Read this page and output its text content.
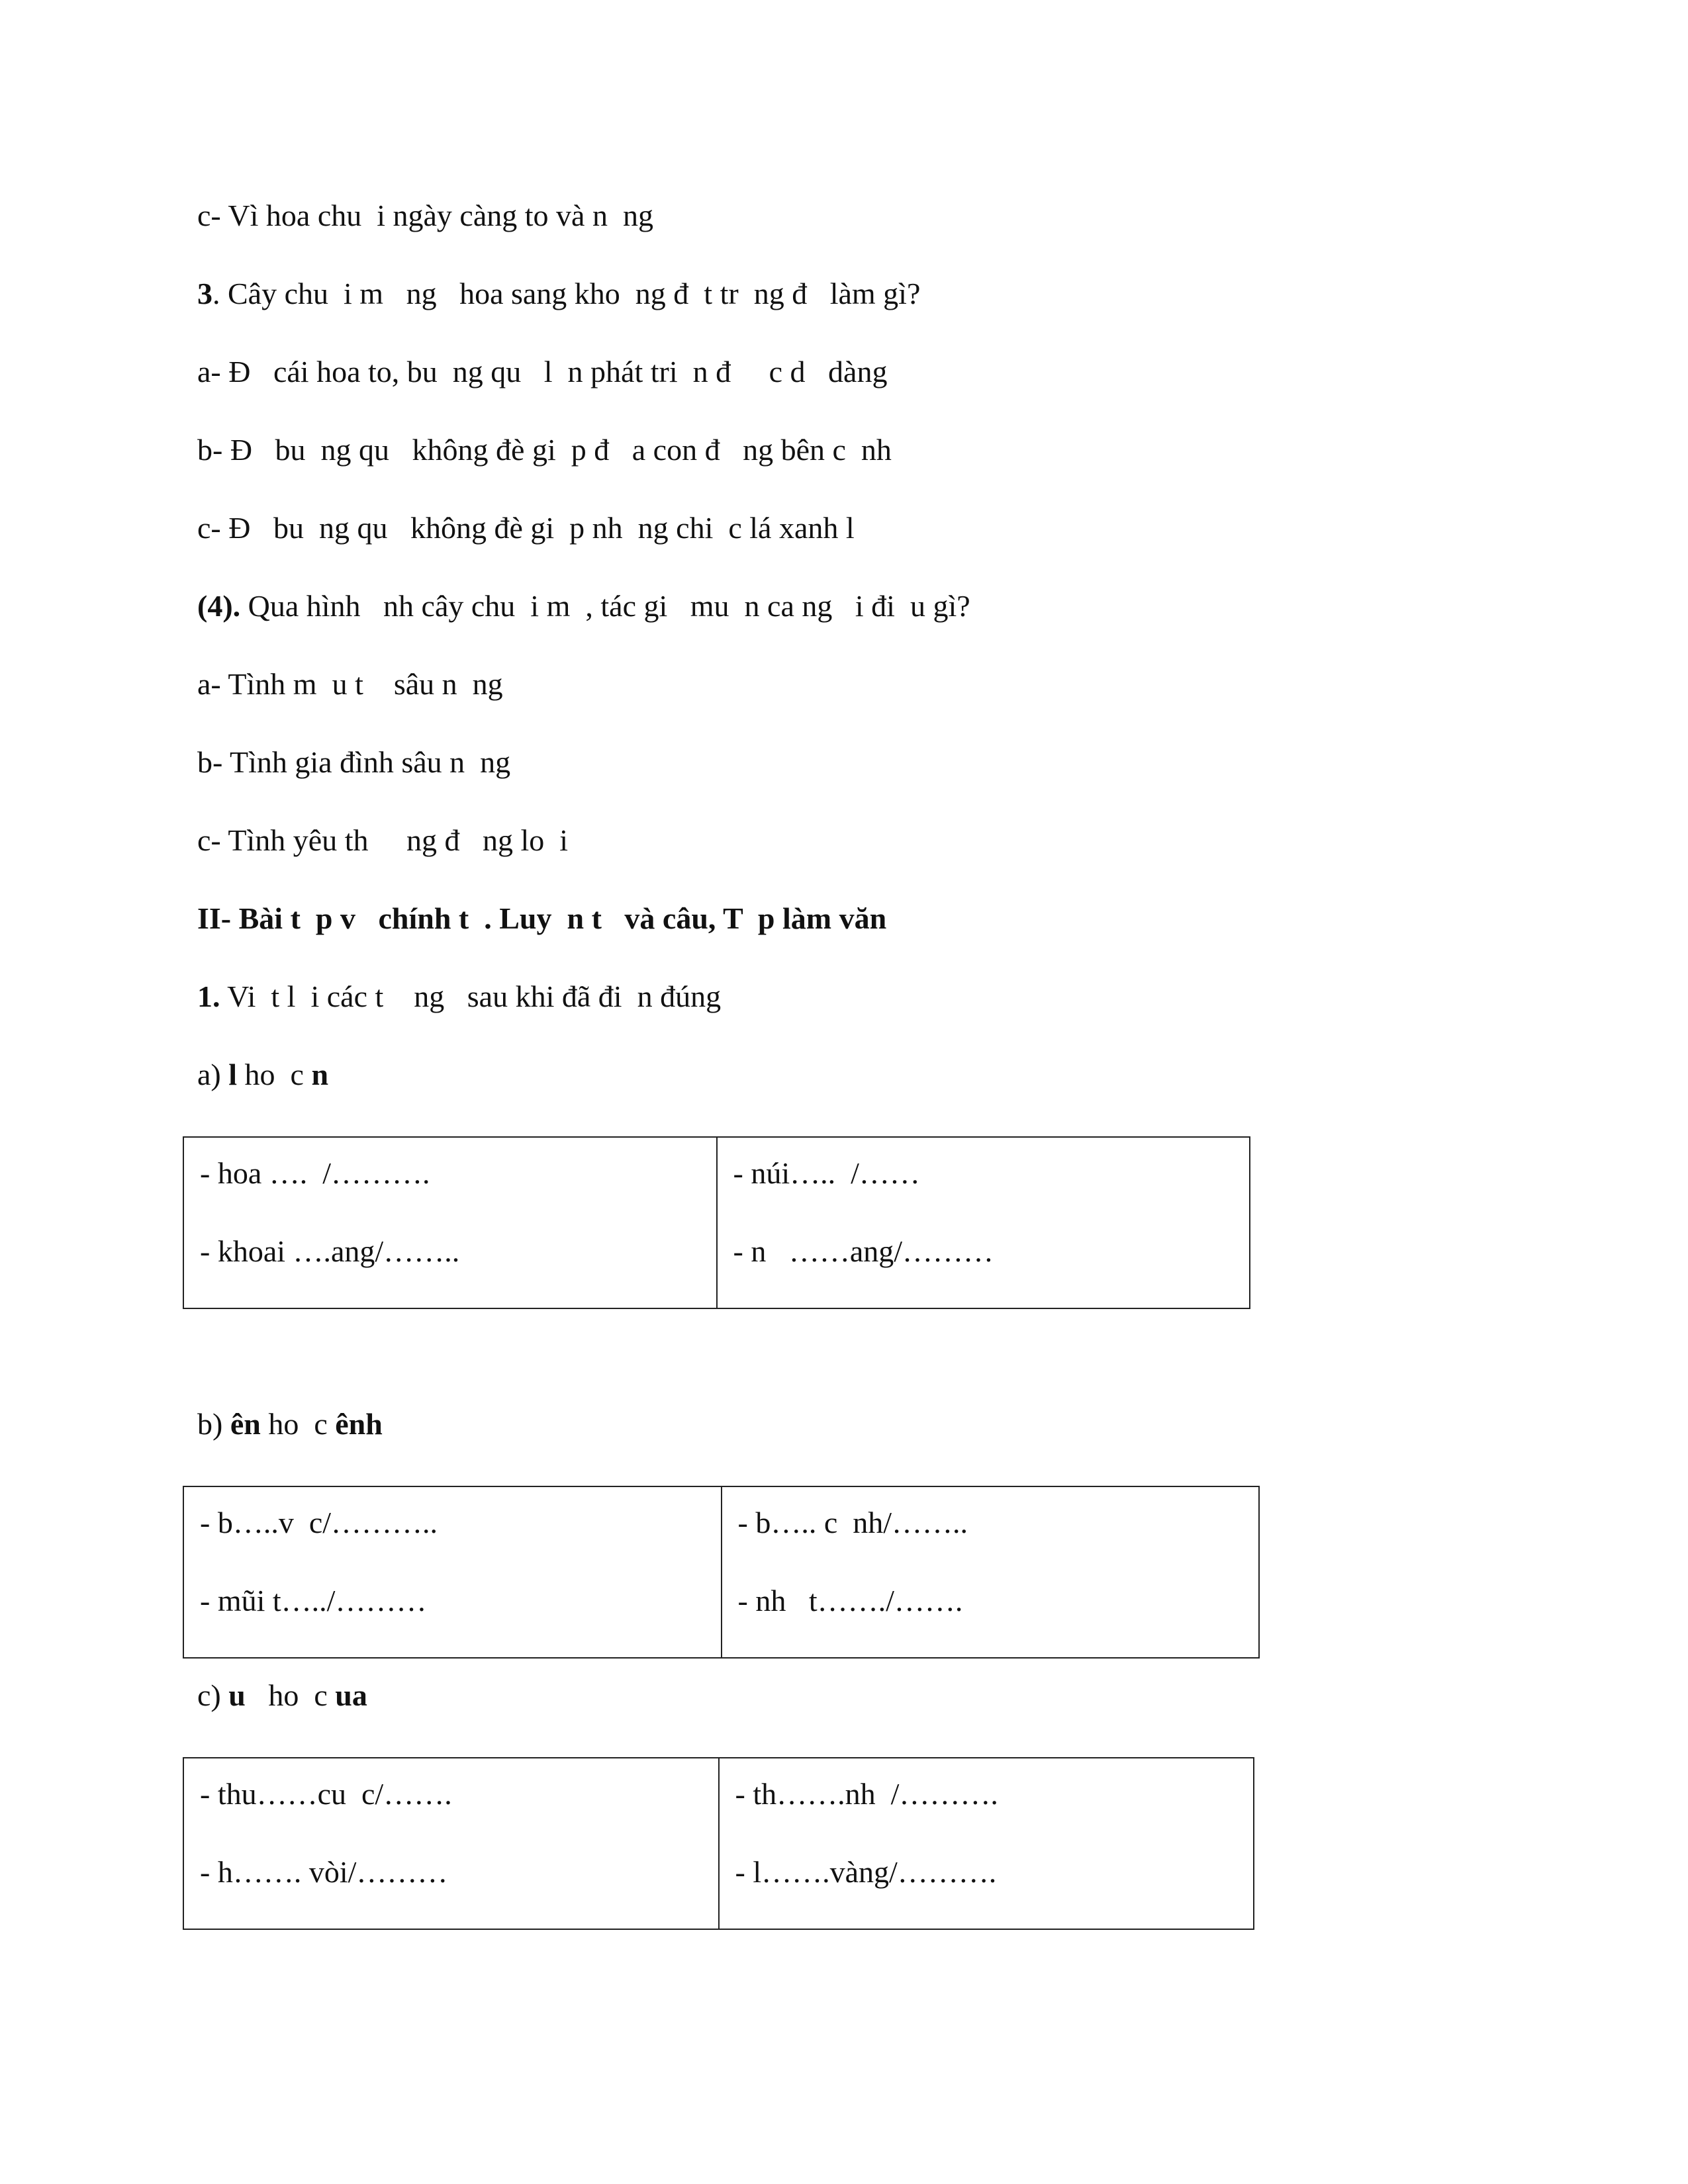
c- Vì hoa chu  i ngày càng to và n  ng
3. Cây chu  i m   ng   hoa sang kho  ng đ  t tr  ng đ   làm gì?
a- Đ   cái hoa to, bu  ng qu   l  n phát tri  n đ     c d   dàng
b- Đ   bu  ng qu   không đè gi  p đ   a con đ   ng bên c  nh
c- Đ   bu  ng qu   không đè gi  p nh  ng chi  c lá xanh l
(4). Qua hình   nh cây chu  i m  , tác gi   mu  n ca ng   i đi  u gì?
a- Tình m  u t    sâu n  ng
b- Tình gia đình sâu n  ng
c- Tình yêu th     ng đ   ng lo  i
II- Bài t  p v   chính t  . Luy  n t   và câu, T  p làm văn
1. Vi  t l  i các t    ng   sau khi đã đi  n đúng
a) l ho  c n
- hoa ….  /……….
- khoai ….ang/……..

- núi…..  /……
- n   ……ang/………
b) ên ho  c ênh
- b…..v  c/………..
- mũi t…../………

- b….. c  nh/……..
- nh   t……./…….
c) u   ho  c ua
- thu……cu  c/…….
- h……. vòi/………

- th…….nh  /……….
- l…….vàng/……….
